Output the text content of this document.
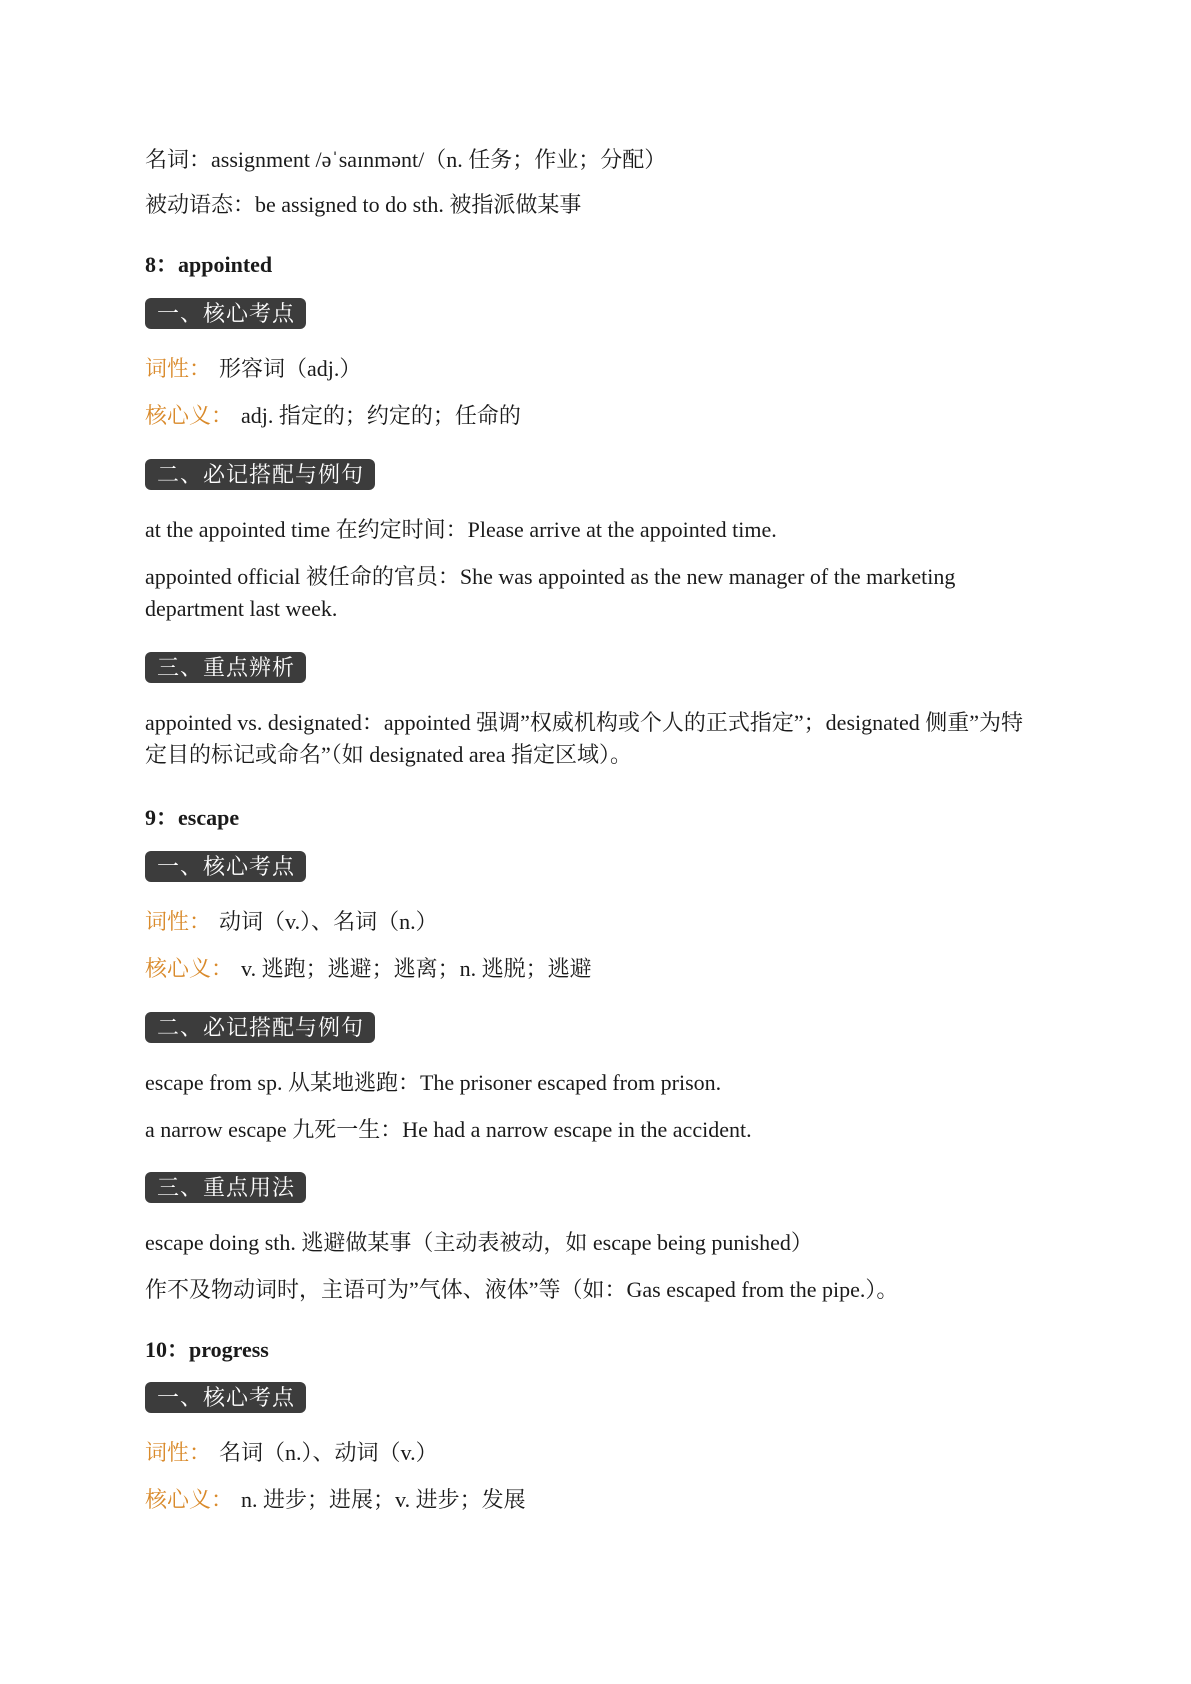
名词：assignment /əˈsaɪnmənt/（n. 任务；作业；分配）
被动语态：be assigned to do sth. 被指派做某事
8：appointed
一、核心考点
词性： 形容词（adj.）
核心义： adj. 指定的；约定的；任命的
二、必记搭配与例句
at the appointed time 在约定时间：Please arrive at the appointed time.
appointed official 被任命的官员：She was appointed as the new manager of the marketing department last week.
三、重点辨析
appointed vs. designated：appointed 强调”权威机构或个人的正式指定”；designated 侧重”为特定目的标记或命名”（如 designated area 指定区域）。
9：escape
一、核心考点
词性： 动词（v.）、名词（n.）
核心义： v. 逃跑；逃避；逃离；n. 逃脱；逃避
二、必记搭配与例句
escape from sp. 从某地逃跑：The prisoner escaped from prison.
a narrow escape 九死一生：He had a narrow escape in the accident.
三、重点用法
escape doing sth. 逃避做某事（主动表被动，如 escape being punished）
作不及物动词时，主语可为”气体、液体”等（如：Gas escaped from the pipe.）。
10：progress
一、核心考点
词性： 名词（n.）、动词（v.）
核心义： n. 进步；进展；v. 进步；发展
